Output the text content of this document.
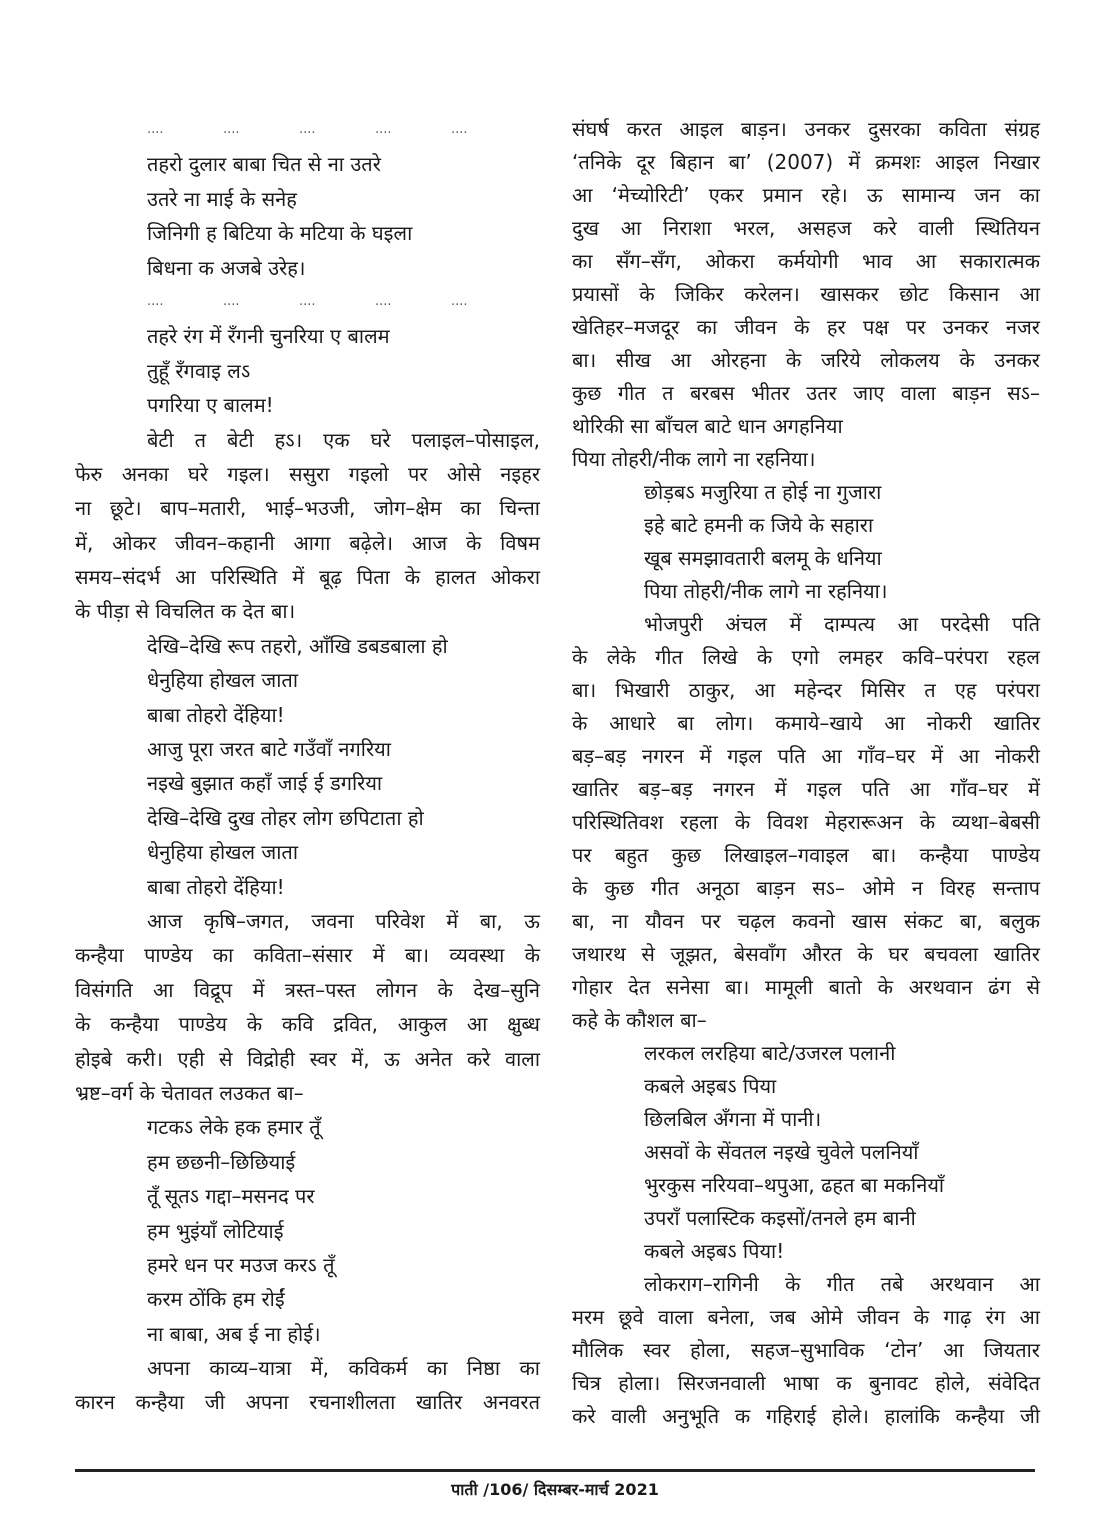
....	....	....	....	....
तहरो दुलार बाबा चित से ना उतरे
उतरे ना माई के सनेह
जिनिगी ह बिटिया के मटिया के घइला
बिधना क अजबे उरेह।
....	....	....	....	....
तहरे रंग में रँगनी चुनरिया ए बालम
तुहूँ रँगवाइ लऽ
पगरिया ए बालम!
बेटी त बेटी हऽ। एक घरे पलाइल–पोसाइल,
फेरु अनका घरे गइल। ससुरा गइलो पर ओसे नइहर
ना छूटे। बाप–मतारी, भाई–भउजी, जोग–क्षेम का चिन्ता
में, ओकर जीवन–कहानी आगा बढ़ेले। आज के विषम
समय–संदर्भ आ परिस्थिति में बूढ़ पिता के हालत ओकरा
के पीड़ा से विचलित क देत बा।
देखि–देखि रूप तहरो, आँखि डबडबाला हो
धेनुहिया होखल जाता
बाबा तोहरो देंहिया!
आजु पूरा जरत बाटे गउँवाँ नगरिया
नइखे बुझात कहाँ जाई ई डगरिया
देखि–देखि दुख तोहर लोग छपिटाता हो
धेनुहिया होखल जाता
बाबा तोहरो देंहिया!
आज कृषि–जगत, जवना परिवेश में बा, ऊ
कन्हैया पाण्डेय का कविता–संसार में बा। व्यवस्था के
विसंगति आ विद्रूप में त्रस्त–पस्त लोगन के देख–सुनि
के कन्हैया पाण्डेय के कवि द्रवित, आकुल आ क्षुब्ध
होइबे करी। एही से विद्रोही स्वर में, ऊ अनेत करे वाला
भ्रष्ट–वर्ग के चेतावत लउकत बा–
गटकऽ लेके हक हमार तूँ
हम छछनी–छिछियाई
तूँ सूतऽ गद्दा–मसनद पर
हम भुइंयाँ लोटियाई
हमरे धन पर मउज करऽ तूँ
करम ठोंकि हम रोईं
ना बाबा, अब ई ना होई।
अपना काव्य–यात्रा में, कविकर्म का निष्ठा का
कारन कन्हैया जी अपना रचनाशीलता खातिर अनवरत
संघर्ष करत आइल बाड़न। उनकर दुसरका कविता संग्रह
‘तनिके दूर बिहान बा’ (2007) में क्रमशः आइल निखार
आ ‘मेच्योरिटी’ एकर प्रमान रहे। ऊ सामान्य जन का
दुख आ निराशा भरल, असहज करे वाली स्थितियन
का सँग–सँग, ओकरा कर्मयोगी भाव आ सकारात्मक
प्रयासों के जिकिर करेलन। खासकर छोट किसान आ
खेतिहर–मजदूर का जीवन के हर पक्ष पर उनकर नजर
बा। सीख आ ओरहना के जरिये लोकलय के उनकर
कुछ गीत त बरबस भीतर उतर जाए वाला बाड़न सऽ–
थोरिकी सा बाँचल बाटे धान अगहनिया
पिया तोहरी/नीक लागे ना रहनिया।
छोड़बऽ मजुरिया त होई ना गुजारा
इहे बाटे हमनी क जिये के सहारा
खूब समझावतारी बलमू के धनिया
पिया तोहरी/नीक लागे ना रहनिया।
भोजपुरी अंचल में दाम्पत्य आ परदेसी पति
के लेके गीत लिखे के एगो लमहर कवि–परंपरा रहल
बा। भिखारी ठाकुर, आ महेन्दर मिसिर त एह परंपरा
के आधारे बा लोग। कमाये–खाये आ नोकरी खातिर
बड़–बड़ नगरन में गइल पति आ गाँव–घर में आ नोकरी
खातिर बड़–बड़ नगरन में गइल पति आ गाँव–घर में
परिस्थितिवश रहला के विवश मेहरारूअन के व्यथा–बेबसी
पर बहुत कुछ लिखाइल–गवाइल बा। कन्हैया पाण्डेय
के कुछ गीत अनूठा बाड़न सऽ– ओमे न विरह सन्ताप
बा, ना यौवन पर चढ़ल कवनो खास संकट बा, बलुक
जथारथ से जूझत, बेसवाँग औरत के घर बचवला खातिर
गोहार देत सनेसा बा। मामूली बातो के अरथवान ढंग से
कहे के कौशल बा–
लरकल लरहिया बाटे/उजरल पलानी
कबले अइबऽ पिया
छिलबिल अँगना में पानी।
असवों के सेंवतल नइखे चुवेले पलनियाँ
भुरकुस नरियवा–थपुआ, ढहत बा मकनियाँ
उपराँ पलास्टिक कइसों/तनले हम बानी
कबले अइबऽ पिया!
लोकराग–रागिनी के गीत तबे अरथवान आ
मरम छूवे वाला बनेला, जब ओमे जीवन के गाढ़ रंग आ
मौलिक स्वर होला, सहज–सुभाविक ‘टोन’ आ जियतार
चित्र होला। सिरजनवाली भाषा क बुनावट होले, संवेदित
करे वाली अनुभूति क गहिराई होले। हालांकि कन्हैया जी
पाती /106/ दिसम्बर-मार्च 2021
